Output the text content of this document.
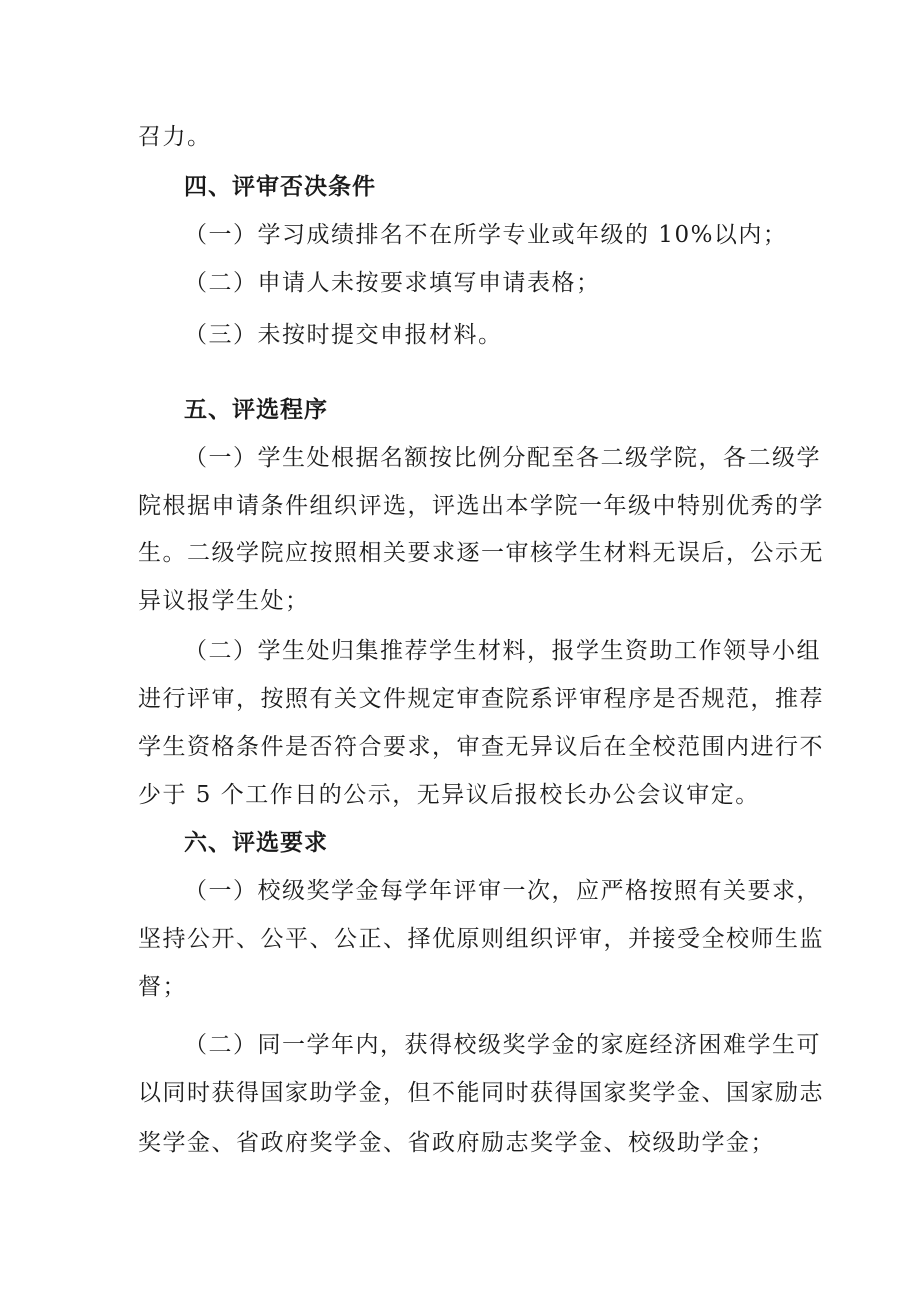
召力。
四、评审否决条件
（一）学习成绩排名不在所学专业或年级的 10%以内；
（二）申请人未按要求填写申请表格；
（三）未按时提交申报材料。
五、评选程序
（一）学生处根据名额按比例分配至各二级学院，各二级学
院根据申请条件组织评选，评选出本学院一年级中特别优秀的学
生。二级学院应按照相关要求逐一审核学生材料无误后，公示无
异议报学生处；
（二）学生处归集推荐学生材料，报学生资助工作领导小组
进行评审，按照有关文件规定审查院系评审程序是否规范，推荐
学生资格条件是否符合要求，审查无异议后在全校范围内进行不
少于 5 个工作日的公示，无异议后报校长办公会议审定。
六、评选要求
（一）校级奖学金每学年评审一次，应严格按照有关要求，
坚持公开、公平、公正、择优原则组织评审，并接受全校师生监
督；
（二）同一学年内，获得校级奖学金的家庭经济困难学生可
以同时获得国家助学金，但不能同时获得国家奖学金、国家励志
奖学金、省政府奖学金、省政府励志奖学金、校级助学金；
